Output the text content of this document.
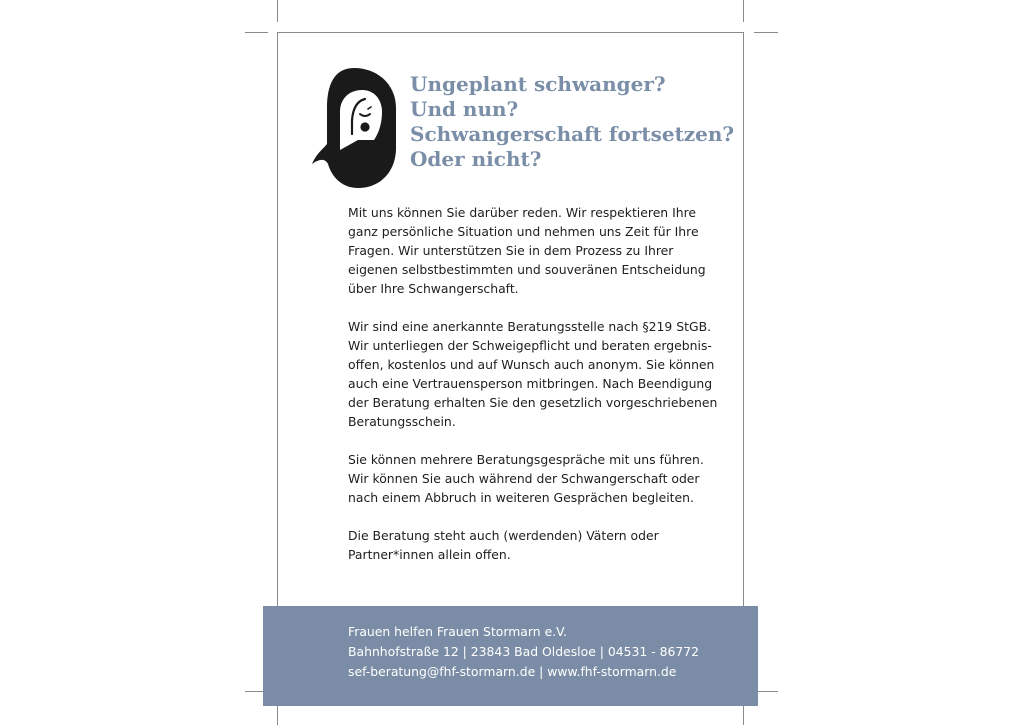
Ungeplant schwanger?
Und nun?
Schwangerschaft fortsetzen?
Oder nicht?

Mit uns können Sie darüber reden. Wir respektieren Ihre
ganz persönliche Situation und nehmen uns Zeit für Ihre
Fragen. Wir unterstützen Sie in dem Prozess zu Ihrer
eigenen selbstbestimmten und souveränen Entscheidung
über Ihre Schwangerschaft.

Wir sind eine anerkannte Beratungsstelle nach §219 StGB.
Wir unterliegen der Schweigepflicht und beraten ergebnis-
offen, kostenlos und auf Wunsch auch anonym. Sie können
auch eine Vertrauensperson mitbringen. Nach Beendigung
der Beratung erhalten Sie den gesetzlich vorgeschriebenen
Beratungsschein.

Sie können mehrere Beratungsgespräche mit uns führen.
Wir können Sie auch während der Schwangerschaft oder
nach einem Abbruch in weiteren Gesprächen begleiten.

Die Beratung steht auch (werdenden) Vätern oder
Partner*innen allein offen.

Frauen helfen Frauen Stormarn e.V.
Bahnhofstraße 12 | 23843 Bad Oldesloe | 04531 - 86772
sef-beratung@fhf-stormarn.de | www.fhf-stormarn.de
